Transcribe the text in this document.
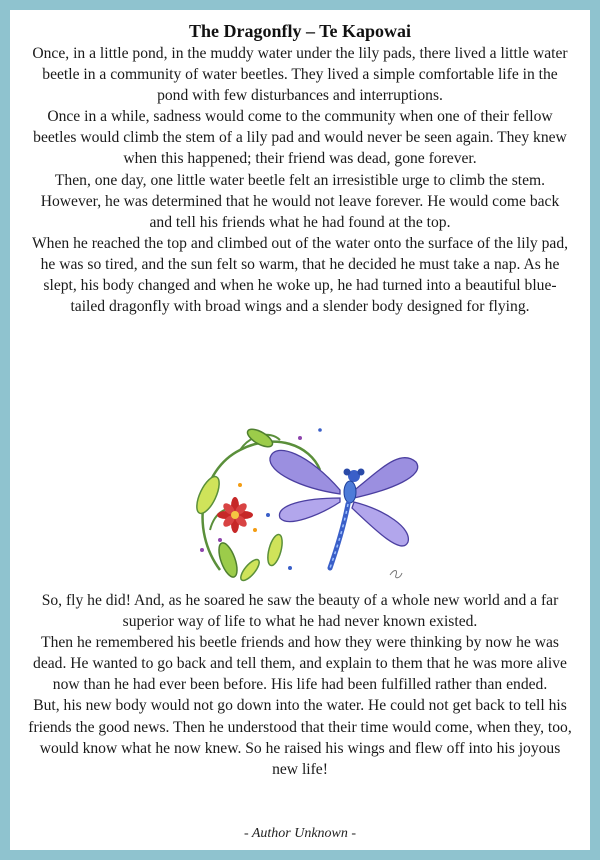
The Dragonfly – Te Kapowai

Once, in a little pond, in the muddy water under the lily pads, there lived a little water beetle in a community of water beetles. They lived a simple comfortable life in the pond with few disturbances and interruptions.

Once in a while, sadness would come to the community when one of their fellow beetles would climb the stem of a lily pad and would never be seen again. They knew when this happened; their friend was dead, gone forever.

Then, one day, one little water beetle felt an irresistible urge to climb the stem. However, he was determined that he would not leave forever. He would come back and tell his friends what he had found at the top.

When he reached the top and climbed out of the water onto the surface of the lily pad, he was so tired, and the sun felt so warm, that he decided he must take a nap. As he slept, his body changed and when he woke up, he had turned into a beautiful blue-tailed dragonfly with broad wings and a slender body designed for flying.

So, fly he did! And, as he soared he saw the beauty of a whole new world and a far superior way of life to what he had never known existed.

Then he remembered his beetle friends and how they were thinking by now he was dead. He wanted to go back and tell them, and explain to them that he was more alive now than he had ever been before. His life had been fulfilled rather than ended.

But, his new body would not go down into the water. He could not get back to tell his friends the good news. Then he understood that their time would come, when they, too, would know what he now knew. So he raised his wings and flew off into his joyous new life!

- Author Unknown -
